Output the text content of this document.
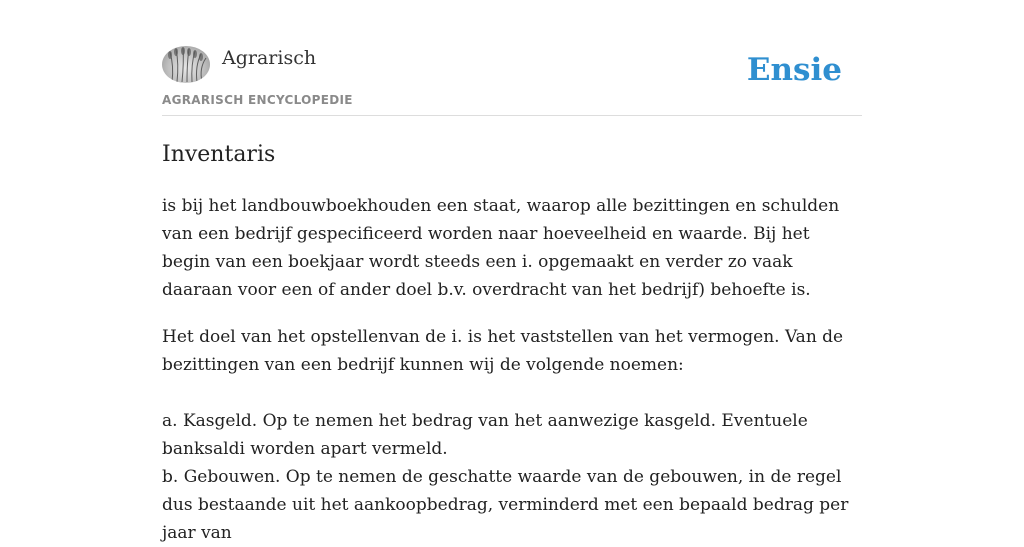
Agrarisch
AGRARISCH ENCYCLOPEDIE
Ensie
Inventaris

is bij het landbouwboekhouden een staat, waarop alle bezittingen en schulden van een bedrijf gespecificeerd worden naar hoeveelheid en waarde. Bij het begin van een boekjaar wordt steeds een i. opgemaakt en verder zo vaak daaraan voor een of ander doel b.v. overdracht van het bedrijf) behoefte is.

Het doel van het opstellenvan de i. is het vaststellen van het vermogen. Van de bezittingen van een bedrijf kunnen wij de volgende noemen:

a. Kasgeld. Op te nemen het bedrag van het aanwezige kasgeld. Eventuele banksaldi worden apart vermeld.

b. Gebouwen. Op te nemen de geschatte waarde van de gebouwen, in de regel dus bestaande uit het aankoopbedrag, verminderd met een bepaald bedrag per jaar van
